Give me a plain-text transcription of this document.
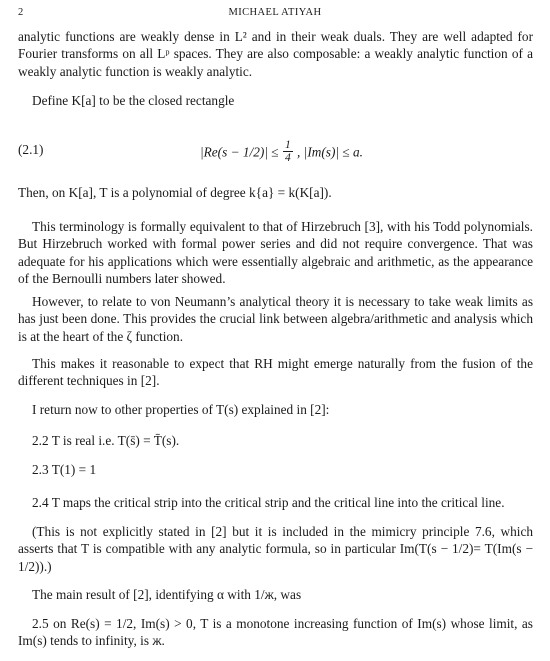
2	MICHAEL ATIYAH

analytic functions are weakly dense in L² and in their weak duals. They are well adapted for Fourier transforms on all Lᵖ spaces. They are also composable: a weakly analytic function of a weakly analytic function is weakly analytic.

Define K[a] to be the closed rectangle

(2.1)	$|Re(s - 1/2)| \le \frac{1}{4}$ , |Im(s)| ≤ a.

Then, on K[a], T is a polynomial of degree k{a} = k(K[a]).

This terminology is formally equivalent to that of Hirzebruch [3], with his Todd polynomials. But Hirzebruch worked with formal power series and did not require convergence. That was adequate for his applications which were essentially algebraic and arithmetic, as the appearance of the Bernoulli numbers later showed.

However, to relate to von Neumann’s analytical theory it is necessary to take weak limits as has just been done. This provides the crucial link between algebra/arithmetic and analysis which is at the heart of the ζ function.

This makes it reasonable to expect that RH might emerge naturally from the fusion of the different techniques in [2].

I return now to other properties of T(s) explained in [2]:

2.2 T is real i.e. T(s̄) = T̄(s).

2.3 T(1) = 1

2.4 T maps the critical strip into the critical strip and the critical line into the critical line.

(This is not explicitly stated in [2] but it is included in the mimicry principle 7.6, which asserts that T is compatible with any analytic formula, so in particular Im(T(s − 1/2)= T(Im(s − 1/2)).)

The main result of [2], identifying α with 1/ж, was

2.5 on Re(s) = 1/2, Im(s) > 0, T is a monotone increasing function of Im(s) whose limit, as Im(s) tends to infinity, is ж.
